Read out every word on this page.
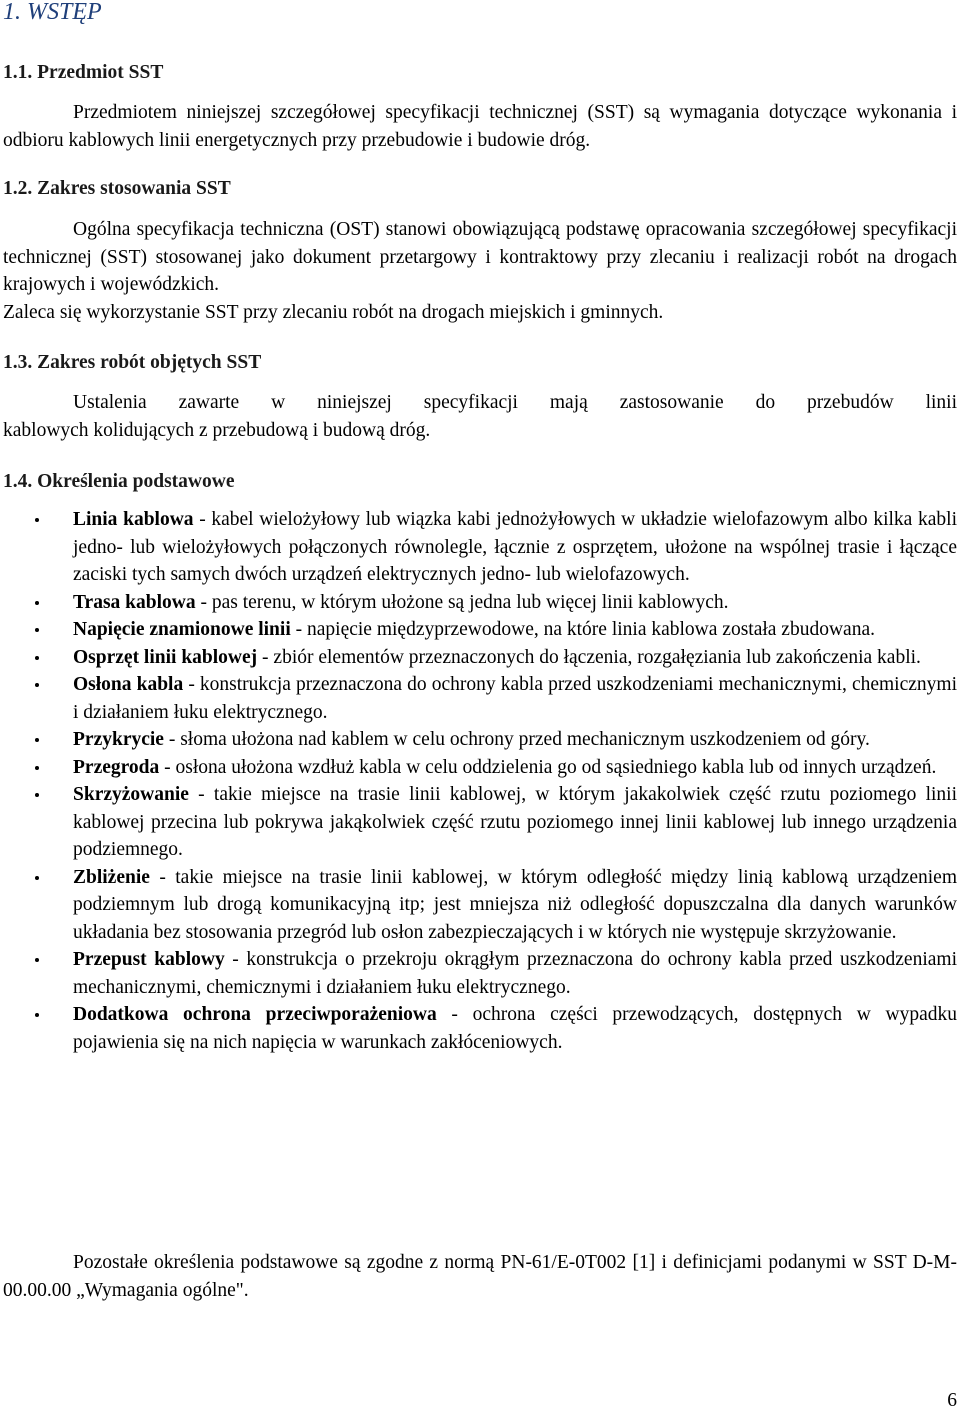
1. WSTĘP
1.1. Przedmiot SST
Przedmiotem niniejszej szczegółowej specyfikacji technicznej (SST) są wymagania dotyczące wykonania i odbioru kablowych linii energetycznych przy przebudowie i budowie dróg.
1.2. Zakres stosowania SST
Ogólna specyfikacja techniczna (OST) stanowi obowiązującą podstawę opracowania szczegółowej specyfikacji technicznej (SST) stosowanej jako dokument przetargowy i kontraktowy przy zlecaniu i realizacji robót na drogach krajowych i wojewódzkich.
Zaleca się wykorzystanie SST przy zlecaniu robót na drogach miejskich i gminnych.
1.3. Zakres robót objętych SST
Ustalenia zawarte w niniejszej specyfikacji mają zastosowanie do przebudów linii
kablowych kolidujących z przebudową i budową dróg.
1.4. Określenia podstawowe
Linia kablowa - kabel wielożyłowy lub wiązka kabi jednożyłowych w układzie wielofazowym albo kilka kabli jedno- lub wielożyłowych połączonych równolegle, łącznie z osprzętem, ułożone na wspólnej trasie i łączące zaciski tych samych dwóch urządzeń elektrycznych jedno- lub wielofazowych.
Trasa kablowa - pas terenu, w którym ułożone są jedna lub więcej linii kablowych.
Napięcie znamionowe linii - napięcie międzyprzewodowe, na które linia kablowa została zbudowana.
Osprzęt linii kablowej - zbiór elementów przeznaczonych do łączenia, rozgałęziania lub zakończenia kabli.
Osłona kabla - konstrukcja przeznaczona do ochrony kabla przed uszkodzeniami mechanicznymi, chemicznymi i działaniem łuku elektrycznego.
Przykrycie - słoma ułożona nad kablem w celu ochrony przed mechanicznym uszkodzeniem od góry.
Przegroda - osłona ułożona wzdłuż kabla w celu oddzielenia go od sąsiedniego kabla lub od innych urządzeń.
Skrzyżowanie - takie miejsce na trasie linii kablowej, w którym jakakolwiek część rzutu poziomego linii kablowej przecina lub pokrywa jakąkolwiek część rzutu poziomego innej linii kablowej lub innego urządzenia podziemnego.
Zbliżenie - takie miejsce na trasie linii kablowej, w którym odległość między linią kablową urządzeniem podziemnym lub drogą komunikacyjną itp; jest mniejsza niż odległość dopuszczalna dla danych warunków układania bez stosowania przegród lub osłon zabezpieczających i w których nie występuje skrzyżowanie.
Przepust kablowy - konstrukcja o przekroju okrągłym przeznaczona do ochrony kabla przed uszkodzeniami mechanicznymi, chemicznymi i działaniem łuku elektrycznego.
Dodatkowa ochrona przeciwporażeniowa - ochrona części przewodzących, dostępnych w wypadku pojawienia się na nich napięcia w warunkach zakłóceniowych.
Pozostałe określenia podstawowe są zgodne z normą PN-61/E-0T002 [1] i definicjami podanymi w SST D-M-00.00.00 „Wymagania ogólne".
6
